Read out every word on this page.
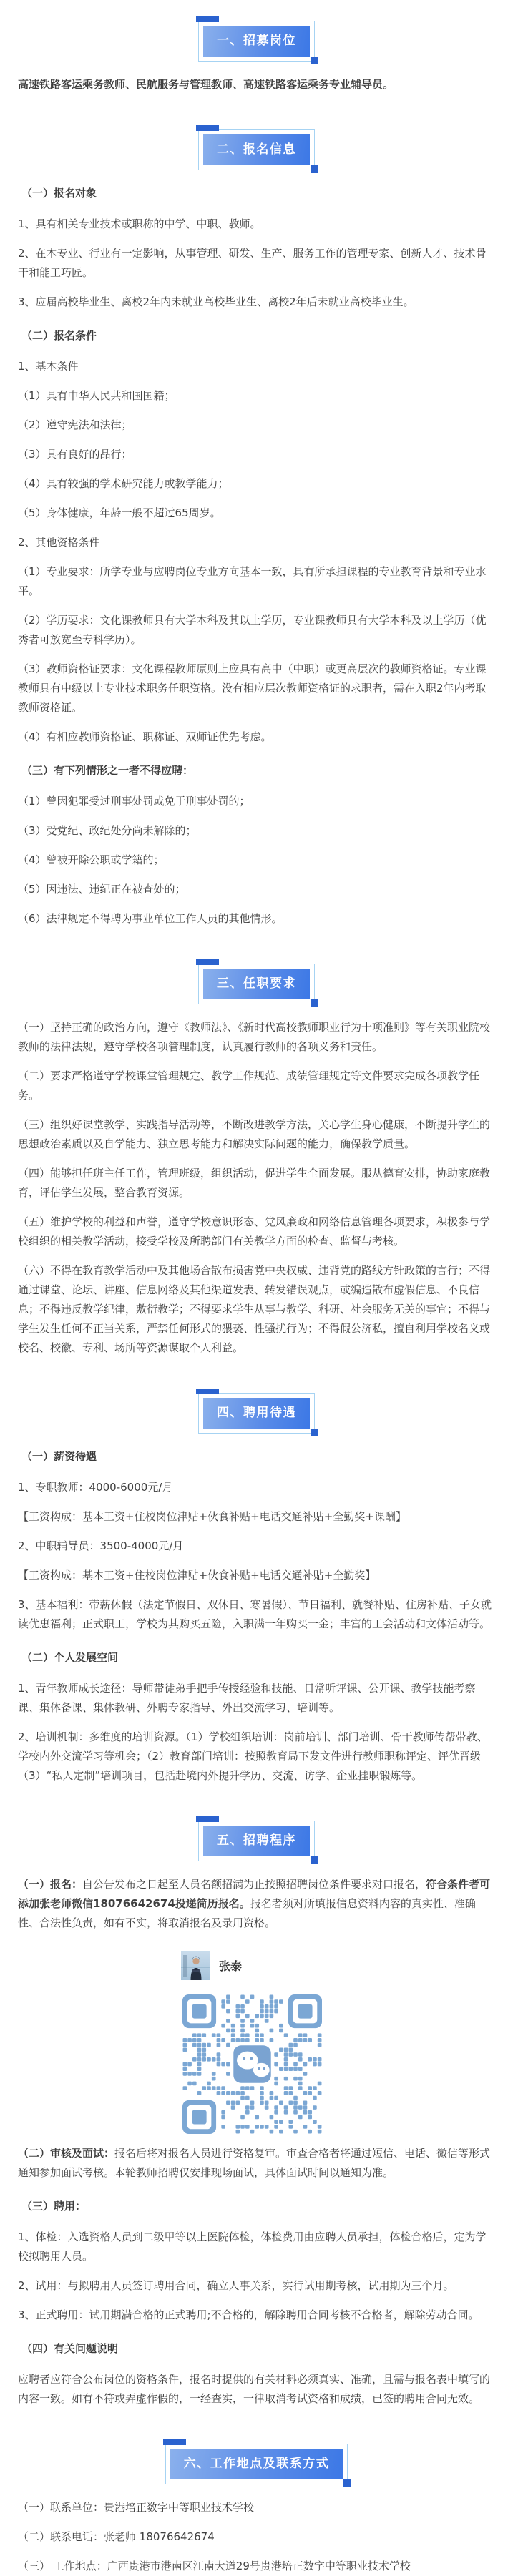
一、招募岗位
高速铁路客运乘务教师、民航服务与管理教师、高速铁路客运乘务专业辅导员。
二、报名信息
（一）报名对象
1、具有相关专业技术或职称的中学、中职、教师。
2、在本专业、行业有一定影响，从事管理、研发、生产、服务工作的管理专家、创新人才、技术骨干和能工巧匠。
3、应届高校毕业生、离校2年内未就业高校毕业生、离校2年后未就业高校毕业生。
（二）报名条件
1、基本条件
（1）具有中华人民共和国国籍；
（2）遵守宪法和法律；
（3）具有良好的品行；
（4）具有较强的学术研究能力或教学能力；
（5）身体健康，年龄一般不超过65周岁。
2、其他资格条件
（1）专业要求：所学专业与应聘岗位专业方向基本一致，具有所承担课程的专业教育背景和专业水平。
（2）学历要求：文化课教师具有大学本科及其以上学历，专业课教师具有大学本科及以上学历（优秀者可放宽至专科学历）。
（3）教师资格证要求：文化课程教师原则上应具有高中（中职）或更高层次的教师资格证。专业课教师具有中级以上专业技术职务任职资格。没有相应层次教师资格证的求职者，需在入职2年内考取教师资格证。
（4）有相应教师资格证、职称证、双师证优先考虑。
（三）有下列情形之一者不得应聘：
（1）曾因犯罪受过刑事处罚或免于刑事处罚的；
（3）受党纪、政纪处分尚未解除的；
（4）曾被开除公职或学籍的；
（5）因违法、违纪正在被查处的；
（6）法律规定不得聘为事业单位工作人员的其他情形。
三、任职要求
（一）坚持正确的政治方向，遵守《教师法》、《新时代高校教师职业行为十项准则》等有关职业院校教师的法律法规，遵守学校各项管理制度，认真履行教师的各项义务和责任。
（二）要求严格遵守学校课堂管理规定、教学工作规范、成绩管理规定等文件要求完成各项教学任务。
（三）组织好课堂教学、实践指导活动等，不断改进教学方法，关心学生身心健康，不断提升学生的思想政治素质以及自学能力、独立思考能力和解决实际问题的能力，确保教学质量。
（四）能够担任班主任工作，管理班级，组织活动，促进学生全面发展。服从德育安排，协助家庭教育，评估学生发展，整合教育资源。
（五）维护学校的利益和声誉，遵守学校意识形态、党风廉政和网络信息管理各项要求，积极参与学校组织的相关教学活动，接受学校及所聘部门有关教学方面的检查、监督与考核。
（六）不得在教育教学活动中及其他场合散布损害党中央权威、违背党的路线方针政策的言行；不得通过课堂、论坛、讲座、信息网络及其他渠道发表、转发错误观点，或编造散布虚假信息、不良信息；不得违反教学纪律，敷衍教学；不得要求学生从事与教学、科研、社会服务无关的事宜；不得与学生发生任何不正当关系，严禁任何形式的猥亵、性骚扰行为；不得假公济私，擅自利用学校名义或校名、校徽、专利、场所等资源谋取个人利益。
四、聘用待遇
（一）薪资待遇
1、专职教师：4000-6000元/月
【工资构成：基本工资+住校岗位津贴+伙食补贴+电话交通补贴+全勤奖+课酬】
2、中职辅导员：3500-4000元/月
【工资构成：基本工资+住校岗位津贴+伙食补贴+电话交通补贴+全勤奖】
3、基本福利：带薪休假（法定节假日、双休日、寒暑假）、节日福利、就餐补贴、住房补贴、子女就读优惠福利；正式职工，学校为其购买五险，入职满一年购买一金；丰富的工会活动和文体活动等。
（二）个人发展空间
1、青年教师成长途径：导师带徒弟手把手传授经验和技能、日常听评课、公开课、教学技能考察课、集体备课、集体教研、外聘专家指导、外出交流学习、培训等。
2、培训机制：多维度的培训资源。（1）学校组织培训：岗前培训、部门培训、骨干教师传帮带教、学校内外交流学习等机会；（2）教育部门培训：按照教育局下发文件进行教师职称评定、评优晋级（3）“私人定制”培训项目，包括赴境内外提升学历、交流、访学、企业挂职锻炼等。
五、招聘程序
（一）报名：自公告发布之日起至人员名额招满为止按照招聘岗位条件要求对口报名，符合条件者可添加张老师微信18076642674投递简历报名。报名者须对所填报信息资料内容的真实性、准确性、合法性负责，如有不实，将取消报名及录用资格。
张泰
（二）审核及面试：报名后将对报名人员进行资格复审。审查合格者将通过短信、电话、微信等形式通知参加面试考核。本轮教师招聘仅安排现场面试，具体面试时间以通知为准。
（三）聘用：
1、体检：入选资格人员到二级甲等以上医院体检，体检费用由应聘人员承担，体检合格后，定为学校拟聘用人员。
2、试用：与拟聘用人员签订聘用合同，确立人事关系，实行试用期考核，试用期为三个月。
3、正式聘用：试用期满合格的正式聘用;不合格的，解除聘用合同考核不合格者，解除劳动合同。
（四）有关问题说明
应聘者应符合公布岗位的资格条件，报名时提供的有关材料必须真实、准确，且需与报名表中填写的内容一致。如有不符或弄虚作假的，一经查实，一律取消考试资格和成绩，已签的聘用合同无效。
六、工作地点及联系方式
（一）联系单位：贵港培正数字中等职业技术学校
（二）联系电话：张老师 18076642674
（三） 工作地点：广西贵港市港南区江南大道29号贵港培正数字中等职业技术学校
